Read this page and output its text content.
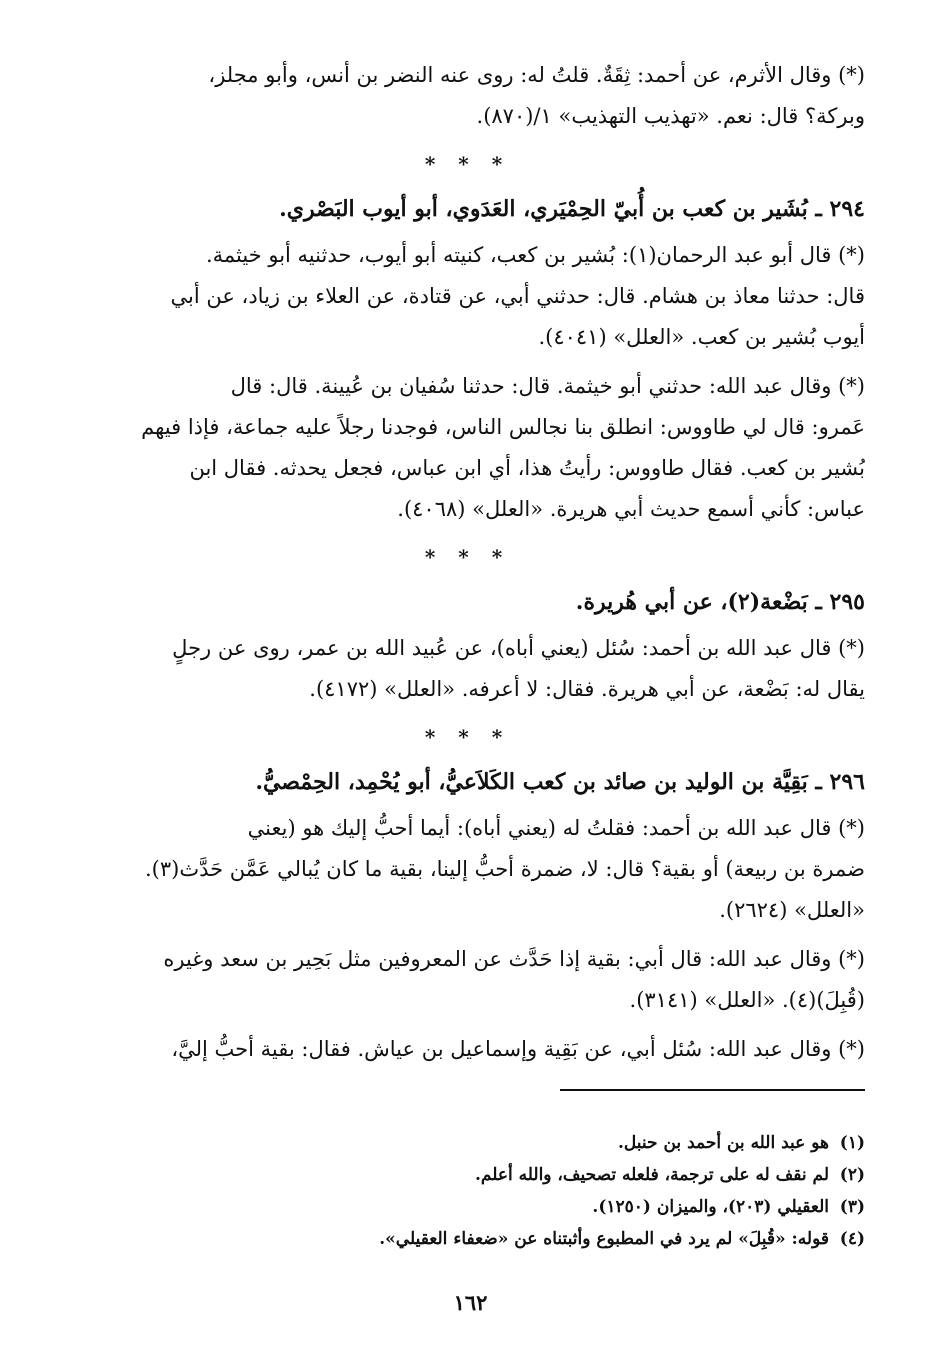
(*) وقال الأثرم، عن أحمد: ثِقَةٌ. قلتُ له: روى عنه النضر بن أنس، وأبو مجلز،
وبركة؟ قال: نعم. «تهذيب التهذيب» ١/(٨٧٠).
* * *
٢٩٤ ـ بُشَير بن كعب بن أُبيّ الحِمْيَري، العَدَوي، أبو أيوب البَصْري.
(*) قال أبو عبد الرحمان(١): بُشير بن كعب، كنيته أبو أيوب، حدثنيه أبو خيثمة.
قال: حدثنا معاذ بن هشام. قال: حدثني أبي، عن قتادة، عن العلاء بن زياد، عن أبي
أيوب بُشير بن كعب. «العلل» (٤٠٤١).
(*) وقال عبد الله: حدثني أبو خيثمة. قال: حدثنا سُفيان بن عُيينة. قال: قال
عَمرو: قال لي طاووس: انطلق بنا نجالس الناس، فوجدنا رجلاً عليه جماعة، فإذا فيهم
بُشير بن كعب. فقال طاووس: رأيتُ هذا، أي ابن عباس، فجعل يحدثه. فقال ابن
عباس: كأني أسمع حديث أبي هريرة. «العلل» (٤٠٦٨).
* * *
٢٩٥ ـ بَضْعة(٢)، عن أبي هُريرة.
(*) قال عبد الله بن أحمد: سُئل (يعني أباه)، عن عُبيد الله بن عمر، روى عن رجلٍ
يقال له: بَضْعة، عن أبي هريرة. فقال: لا أعرفه. «العلل» (٤١٧٢).
* * *
٢٩٦ ـ بَقِيَّة بن الوليد بن صائد بن كعب الكَلاَعيُّ، أبو يُحْمِد، الحِمْصيُّ.
(*) قال عبد الله بن أحمد: فقلتُ له (يعني أباه): أيما أحبُّ إليك هو (يعني
ضمرة بن ربيعة) أو بقية؟ قال: لا، ضمرة أحبُّ إلينا، بقية ما كان يُبالي عَمَّن حَدَّث(٣).
«العلل» (٢٦٢٤).
(*) وقال عبد الله: قال أبي: بقية إذا حَدَّث عن المعروفين مثل بَحِير بن سعد وغيره
(قُبِلَ)(٤). «العلل» (٣١٤١).
(*) وقال عبد الله: سُئل أبي، عن بَقِية وإسماعيل بن عياش. فقال: بقية أحبُّ إليَّ،
(١)هو عبد الله بن أحمد بن حنبل.
(٢)لم نقف له على ترجمة، فلعله تصحيف، والله أعلم.
(٣)العقيلي (٢٠٣)، والميزان (١٢٥٠).
(٤)قوله: «قُبِلَ» لم يرد في المطبوع وأثبتناه عن «ضعفاء العقيلي».
١٦٢
